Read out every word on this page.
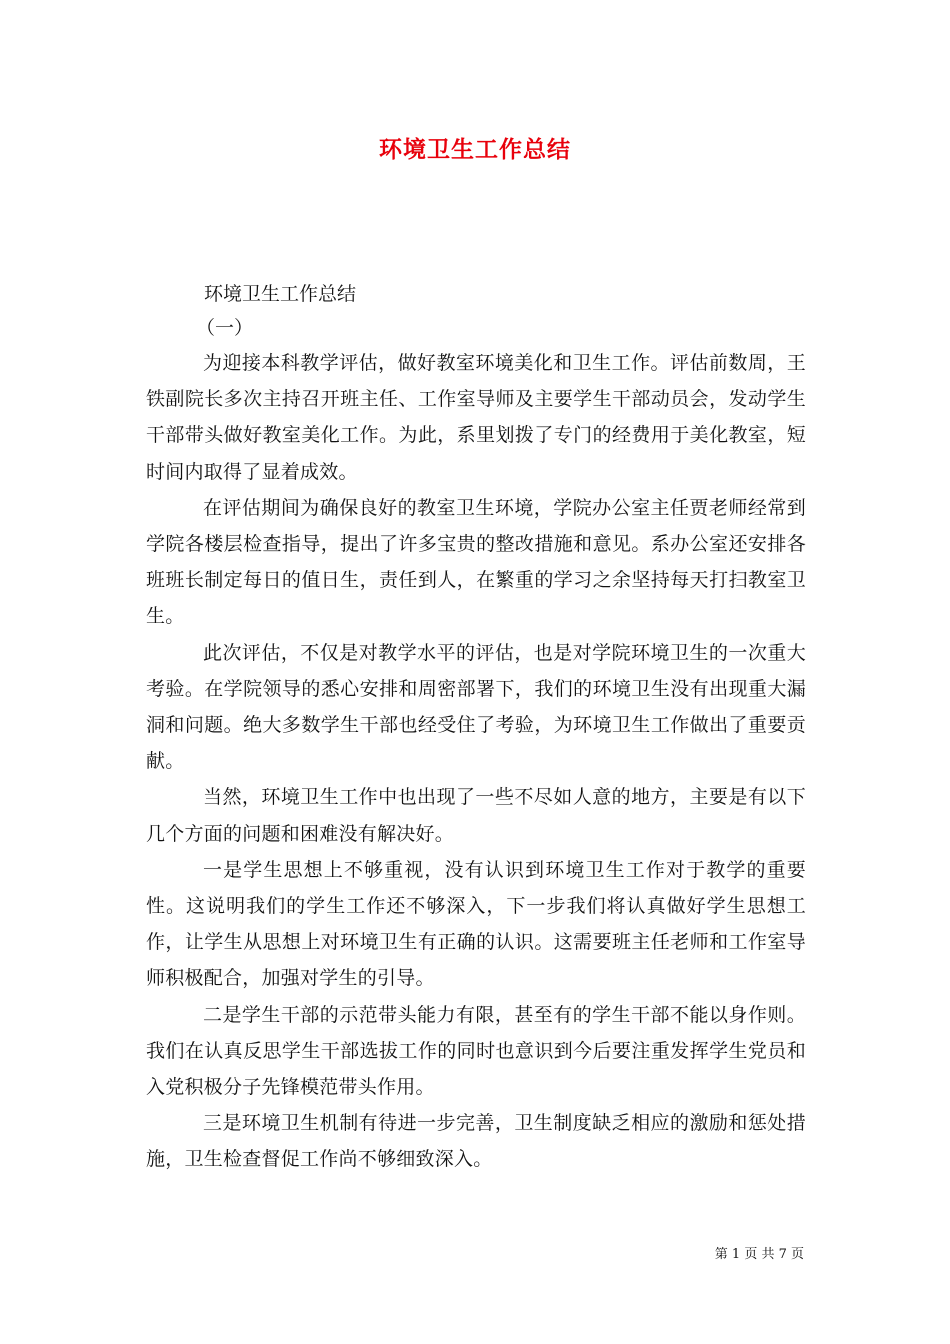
环境卫生工作总结
环境卫生工作总结
（一）

为迎接本科教学评估，做好教室环境美化和卫生工作。评估前数周，王铁副院长多次主持召开班主任、工作室导师及主要学生干部动员会，发动学生干部带头做好教室美化工作。为此，系里划拨了专门的经费用于美化教室，短时间内取得了显着成效。

在评估期间为确保良好的教室卫生环境，学院办公室主任贾老师经常到学院各楼层检查指导，提出了许多宝贵的整改措施和意见。系办公室还安排各班班长制定每日的值日生，责任到人，在繁重的学习之余坚持每天打扫教室卫生。

此次评估，不仅是对教学水平的评估，也是对学院环境卫生的一次重大考验。在学院领导的悉心安排和周密部署下，我们的环境卫生没有出现重大漏洞和问题。绝大多数学生干部也经受住了考验，为环境卫生工作做出了重要贡献。

当然，环境卫生工作中也出现了一些不尽如人意的地方，主要是有以下几个方面的问题和困难没有解决好。

一是学生思想上不够重视，没有认识到环境卫生工作对于教学的重要性。这说明我们的学生工作还不够深入，下一步我们将认真做好学生思想工作，让学生从思想上对环境卫生有正确的认识。这需要班主任老师和工作室导师积极配合，加强对学生的引导。

二是学生干部的示范带头能力有限，甚至有的学生干部不能以身作则。我们在认真反思学生干部选拔工作的同时也意识到今后要注重发挥学生党员和入党积极分子先锋模范带头作用。

三是环境卫生机制有待进一步完善，卫生制度缺乏相应的激励和惩处措施，卫生检查督促工作尚不够细致深入。

第 1 页 共 7 页
